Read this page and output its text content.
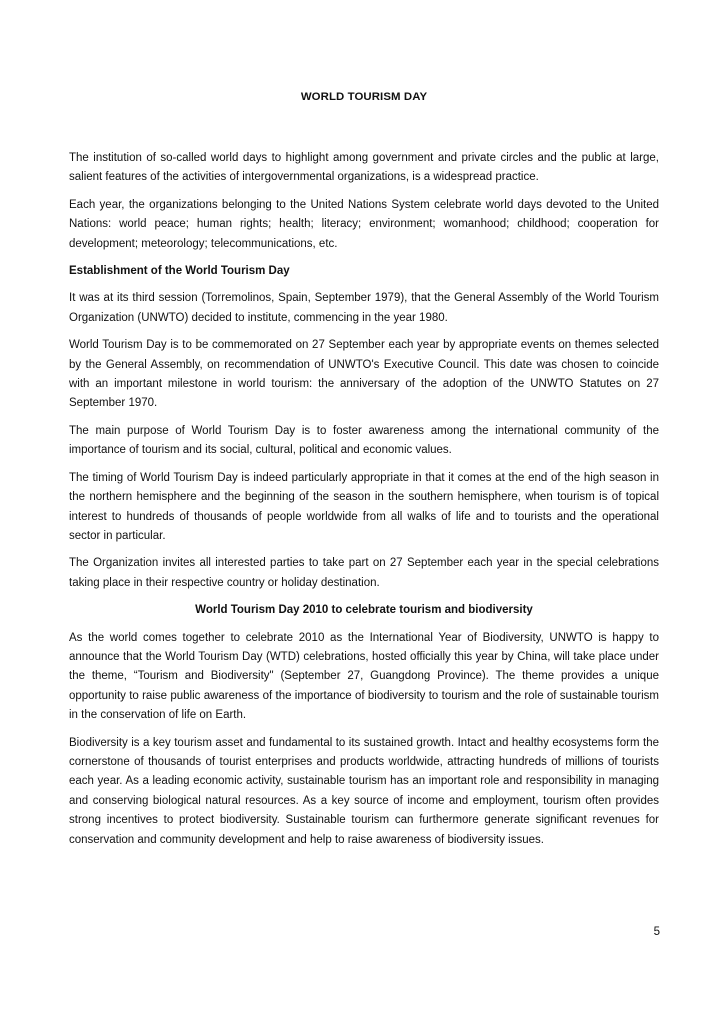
WORLD TOURISM DAY

The institution of so-called world days to highlight among government and private circles and the public at large, salient features of the activities of intergovernmental organizations, is a widespread practice.

Each year, the organizations belonging to the United Nations System celebrate world days devoted to the United Nations: world peace; human rights; health; literacy; environment; womanhood; childhood; cooperation for development; meteorology; telecommunications, etc.

Establishment of the World Tourism Day

It was at its third session (Torremolinos, Spain, September 1979), that the General Assembly of the World Tourism Organization (UNWTO) decided to institute, commencing in the year 1980.

World Tourism Day is to be commemorated on 27 September each year by appropriate events on themes selected by the General Assembly, on recommendation of UNWTO's Executive Council. This date was chosen to coincide with an important milestone in world tourism: the anniversary of the adoption of the UNWTO Statutes on 27 September 1970.

The main purpose of World Tourism Day is to foster awareness among the international community of the importance of tourism and its social, cultural, political and economic values.

The timing of World Tourism Day is indeed particularly appropriate in that it comes at the end of the high season in the northern hemisphere and the beginning of the season in the southern hemisphere, when tourism is of topical interest to hundreds of thousands of people worldwide from all walks of life and to tourists and the operational sector in particular.

The Organization invites all interested parties to take part on 27 September each year in the special celebrations taking place in their respective country or holiday destination.

World Tourism Day 2010 to celebrate tourism and biodiversity

As the world comes together to celebrate 2010 as the International Year of Biodiversity, UNWTO is happy to announce that the World Tourism Day (WTD) celebrations, hosted officially this year by China, will take place under the theme, “Tourism and Biodiversity" (September 27, Guangdong Province). The theme provides a unique opportunity to raise public awareness of the importance of biodiversity to tourism and the role of sustainable tourism in the conservation of life on Earth.

Biodiversity is a key tourism asset and fundamental to its sustained growth. Intact and healthy ecosystems form the cornerstone of thousands of tourist enterprises and products worldwide, attracting hundreds of millions of tourists each year. As a leading economic activity, sustainable tourism has an important role and responsibility in managing and conserving biological natural resources. As a key source of income and employment, tourism often provides strong incentives to protect biodiversity. Sustainable tourism can furthermore generate significant revenues for conservation and community development and help to raise awareness of biodiversity issues.

5
